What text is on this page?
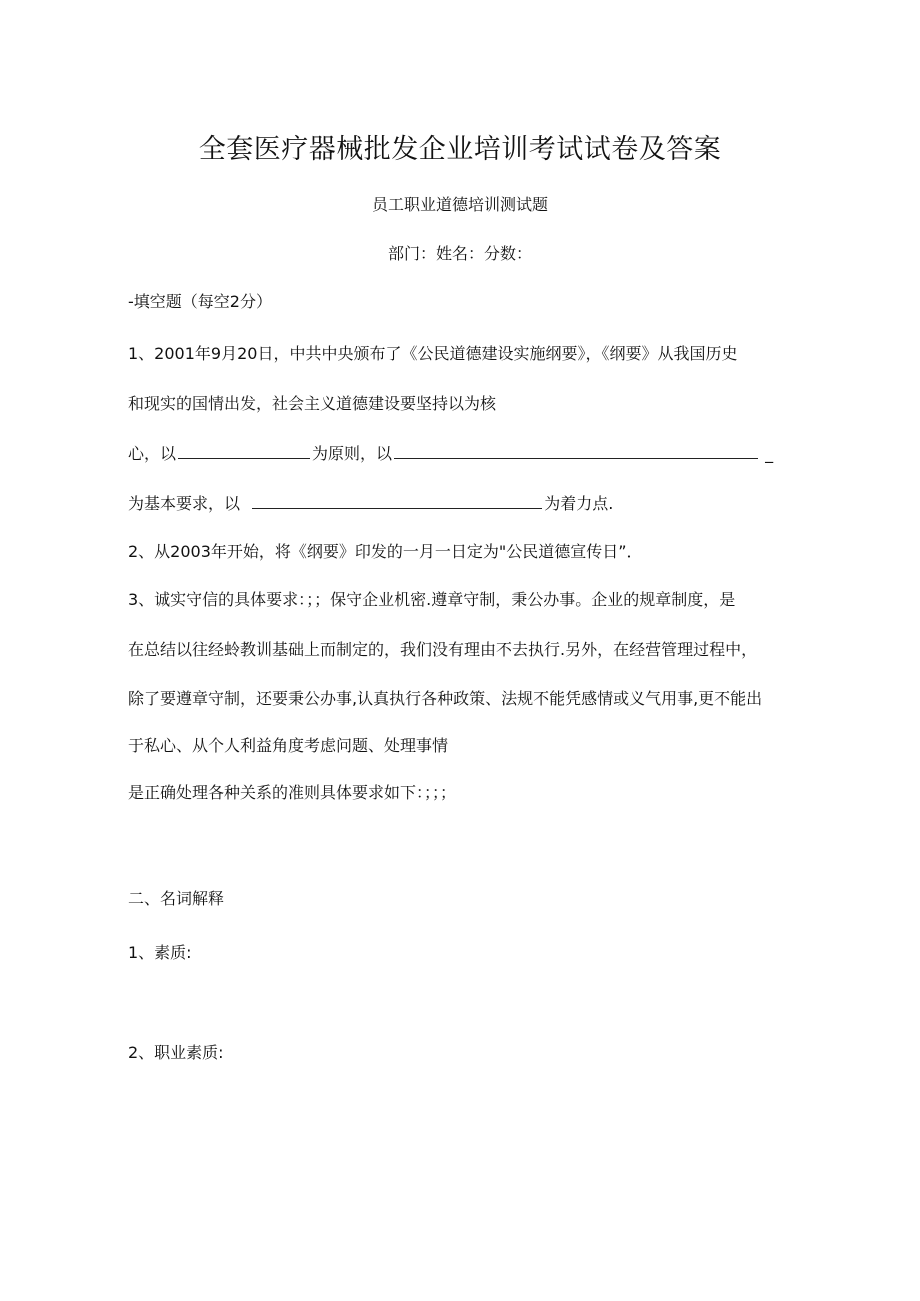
全套医疗器械批发企业培训考试试卷及答案
员工职业道德培训测试题
部门：姓名：分数：
-填空题（每空2分）
1、2001年9月20日，中共中央颁布了《公民道德建设实施纲要》，《纲要》从我国历史
和现实的国情出发，社会主义道德建设要坚持以为核
心，以	为原则，以	_
为基本要求，以	为着力点.
2、从2003年开始，将《纲要》印发的一月一日定为"公民道德宣传日”．
3、诚实守信的具体要求：；；保守企业机密.遵章守制，秉公办事。企业的规章制度，是
在总结以往经蛉教训基础上而制定的，我们没有理由不去执行.另外，在经营管理过程中，
除了要遵章守制，还要秉公办事,认真执行各种政策、法规不能凭感情或义气用事,更不能出
于私心、从个人利益角度考虑问题、处理事情
是正确处理各种关系的准则具体要求如下：；；；
二、名词解释
1、素质:
2、职业素质:
